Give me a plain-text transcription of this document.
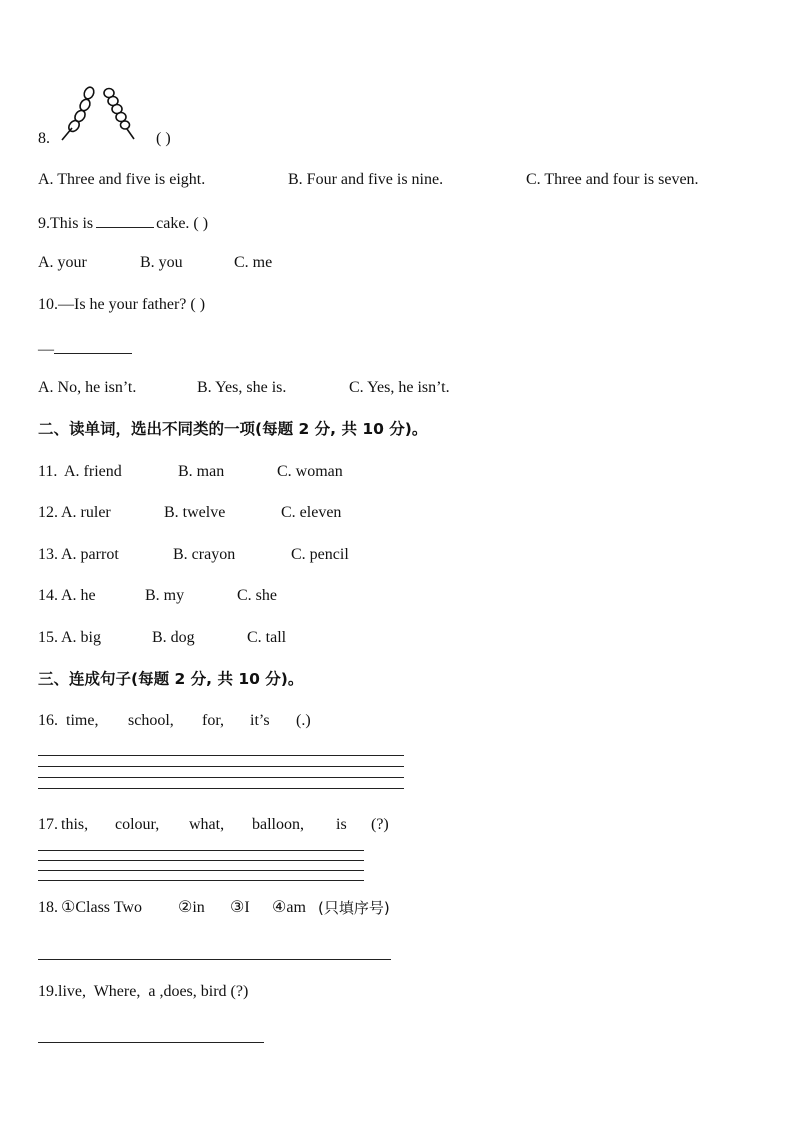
8.	( )
A. Three and five is eight.	B. Four and five is nine.	C. Three and four is seven.
9.This is	cake. ( )
A. your	B. you	C. me
10.—Is he your father? ( )
—
A. No, he isn’t.	B. Yes, she is.	C. Yes, he isn’t.
二、读单词，选出不同类的一项(每题 2 分, 共 10 分)。
11. A. friend	B. man	C. woman
12. A. ruler	B. twelve	C. eleven
13. A. parrot	B. crayon	C. pencil
14. A. he	B. my	C. she
15. A. big	B. dog	C. tall
三、连成句子(每题 2 分, 共 10 分)。
16. time, school, for, it’s (.)
17. this, colour, what, balloon, is (?)
18. ①Class Two ②in ③I ④am (只填序号)
19.live,  Where,  a ,does, bird (?)
